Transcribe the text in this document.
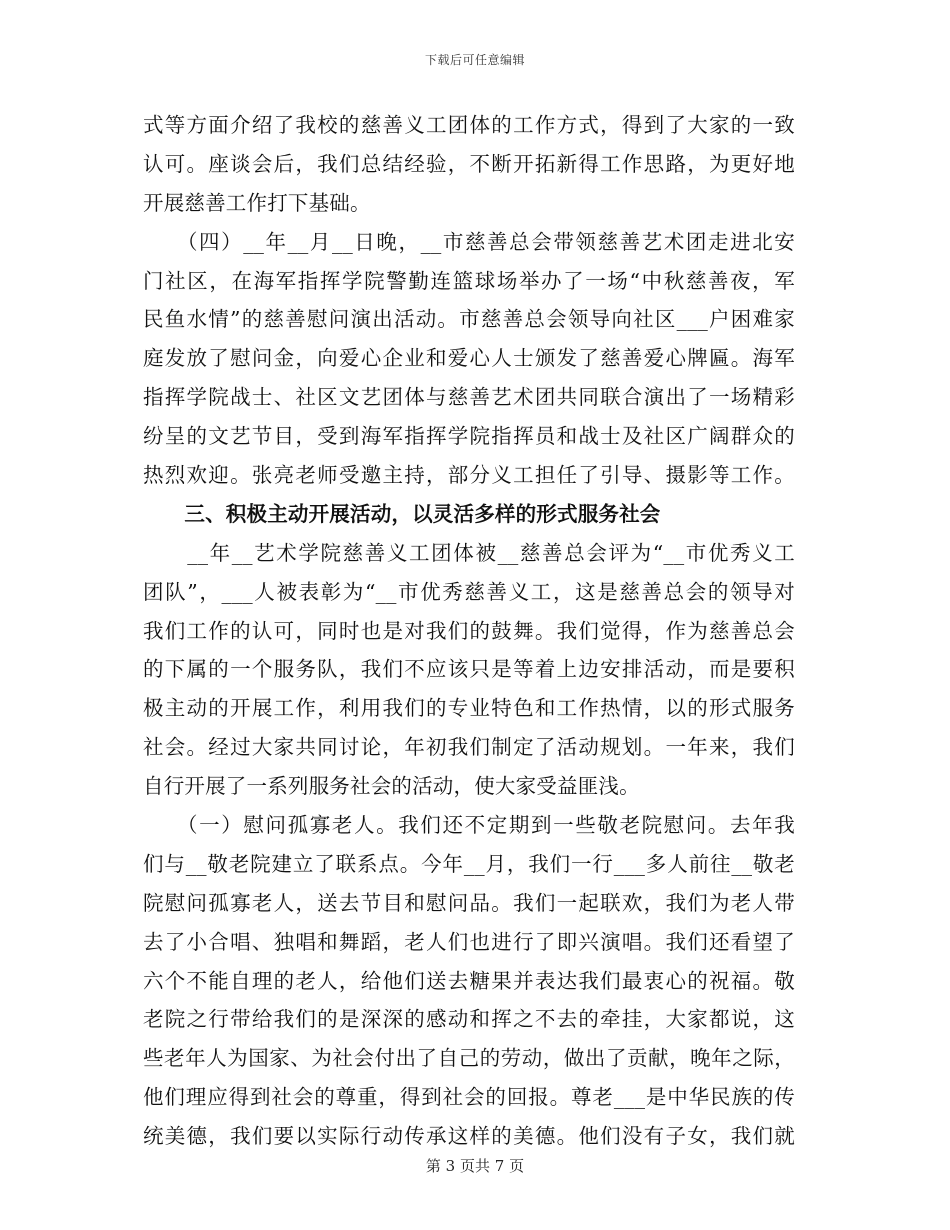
下载后可任意编辑
式等方面介绍了我校的慈善义工团体的工作方式，得到了大家的一致
认可。座谈会后，我们总结经验，不断开拓新得工作思路，为更好地
开展慈善工作打下基础。
　　（四）__年__月__日晚，__市慈善总会带领慈善艺术团走进北安
门社区，在海军指挥学院警勤连篮球场举办了一场“中秋慈善夜，军
民鱼水情”的慈善慰问演出活动。市慈善总会领导向社区___户困难家
庭发放了慰问金，向爱心企业和爱心人士颁发了慈善爱心牌匾。海军
指挥学院战士、社区文艺团体与慈善艺术团共同联合演出了一场精彩
纷呈的文艺节目，受到海军指挥学院指挥员和战士及社区广阔群众的
热烈欢迎。张亮老师受邀主持，部分义工担任了引导、摄影等工作。
　　三、积极主动开展活动，以灵活多样的形式服务社会
　　__年__艺术学院慈善义工团体被__慈善总会评为“__市优秀义工
团队”，___人被表彰为“__市优秀慈善义工，这是慈善总会的领导对
我们工作的认可，同时也是对我们的鼓舞。我们觉得，作为慈善总会
的下属的一个服务队，我们不应该只是等着上边安排活动，而是要积
极主动的开展工作，利用我们的专业特色和工作热情，以的形式服务
社会。经过大家共同讨论，年初我们制定了活动规划。一年来，我们
自行开展了一系列服务社会的活动，使大家受益匪浅。
　　（一）慰问孤寡老人。我们还不定期到一些敬老院慰问。去年我
们与__敬老院建立了联系点。今年__月，我们一行___多人前往__敬老
院慰问孤寡老人，送去节目和慰问品。我们一起联欢，我们为老人带
去了小合唱、独唱和舞蹈，老人们也进行了即兴演唱。我们还看望了
六个不能自理的老人，给他们送去糖果并表达我们最衷心的祝福。敬
老院之行带给我们的是深深的感动和挥之不去的牵挂，大家都说，这
些老年人为国家、为社会付出了自己的劳动，做出了贡献，晚年之际，
他们理应得到社会的尊重，得到社会的回报。尊老___是中华民族的传
统美德，我们要以实际行动传承这样的美德。他们没有子女，我们就
第 3 页共 7 页
